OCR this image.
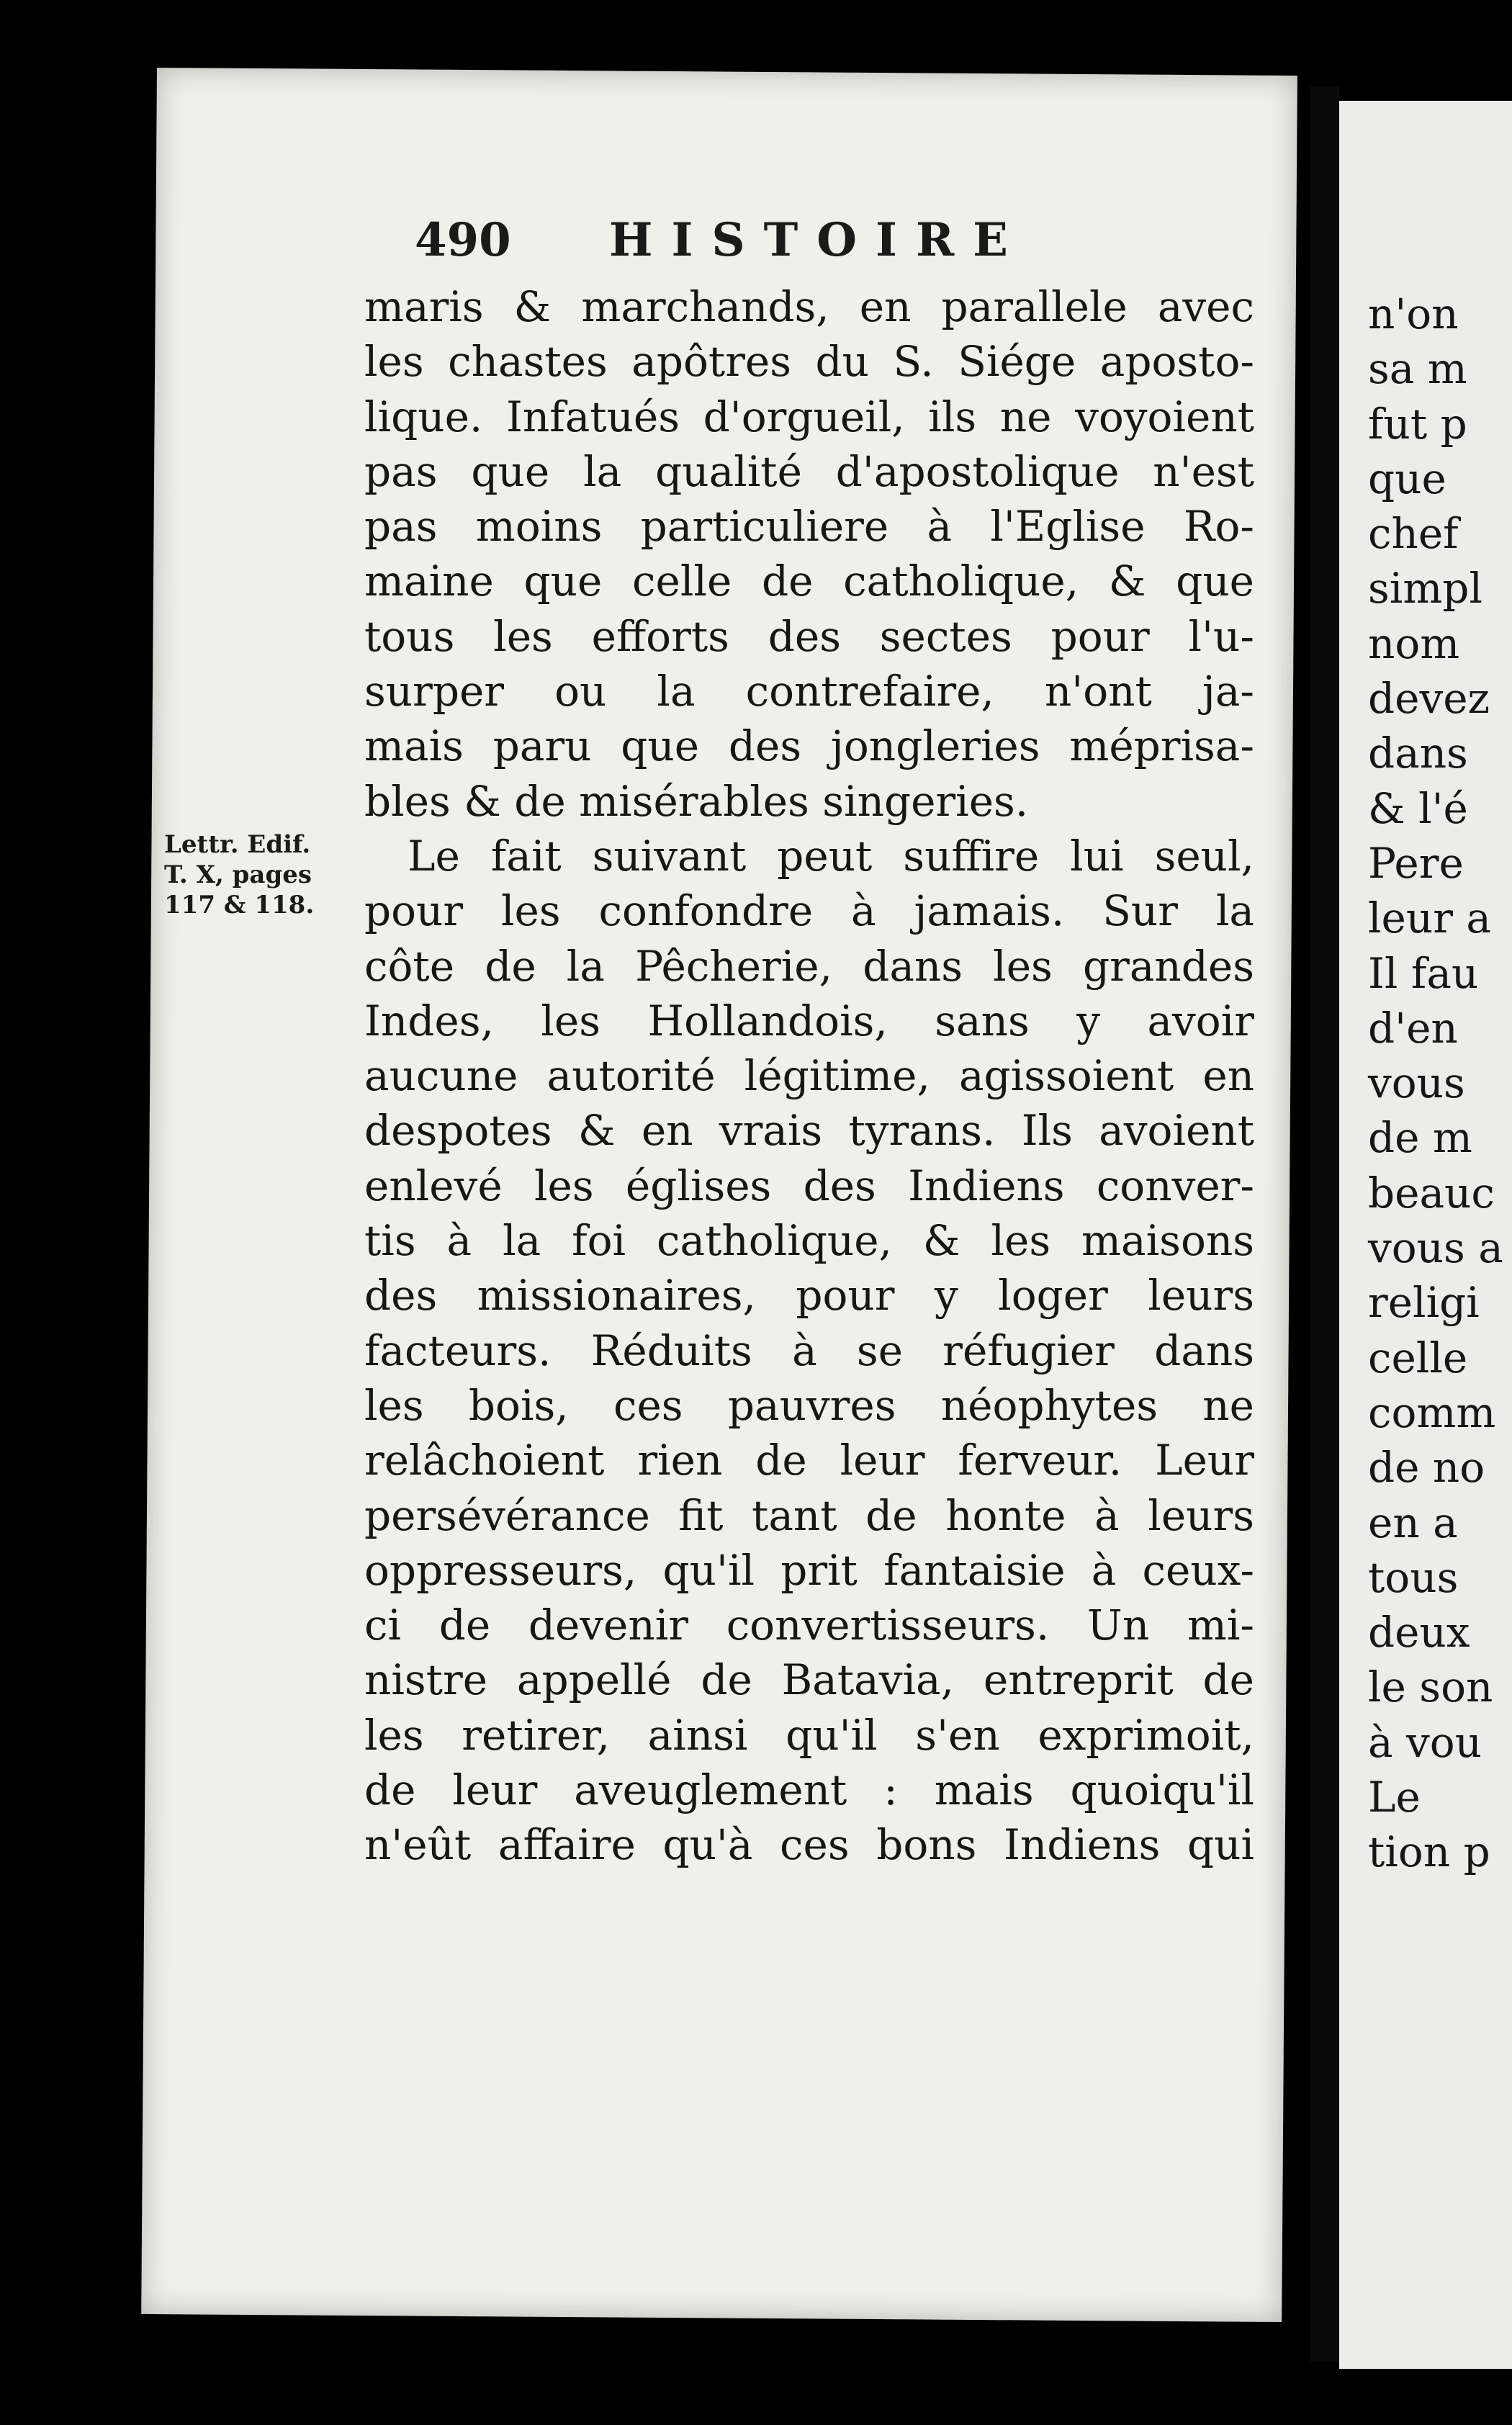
490 HISTOIRE
Lettr. Edif.
T. X, pages
117 & 118.
maris & marchands, en parallele avec
les chastes apôtres du S. Siége aposto-
lique. Infatués d'orgueil, ils ne voyoient
pas que la qualité d'apostolique n'est
pas moins particuliere à l'Eglise Ro-
maine que celle de catholique, & que
tous les efforts des sectes pour l'u-
surper ou la contrefaire, n'ont ja-
mais paru que des jongleries méprisa-
bles & de misérables singeries.
Le fait suivant peut suffire lui seul,
pour les confondre à jamais. Sur la
côte de la Pêcherie, dans les grandes
Indes, les Hollandois, sans y avoir
aucune autorité légitime, agissoient en
despotes & en vrais tyrans. Ils avoient
enlevé les églises des Indiens conver-
tis à la foi catholique, & les maisons
des missionaires, pour y loger leurs
facteurs. Réduits à se réfugier dans
les bois, ces pauvres néophytes ne
relâchoient rien de leur ferveur. Leur
persévérance fit tant de honte à leurs
oppresseurs, qu'il prit fantaisie à ceux-
ci de devenir convertisseurs. Un mi-
nistre appellé de Batavia, entreprit de
les retirer, ainsi qu'il s'en exprimoit,
de leur aveuglement : mais quoiqu'il
n'eût affaire qu'à ces bons Indiens qui
n'on
sa m
fut p
que
chef
simpl
nom
devez
dans
& l'é
Pere
leur a
Il fau
d'en
vous
de m
beauc
vous a
religi
celle
comm
de no
en a
tous
deux
le son
à vou
Le
tion p
